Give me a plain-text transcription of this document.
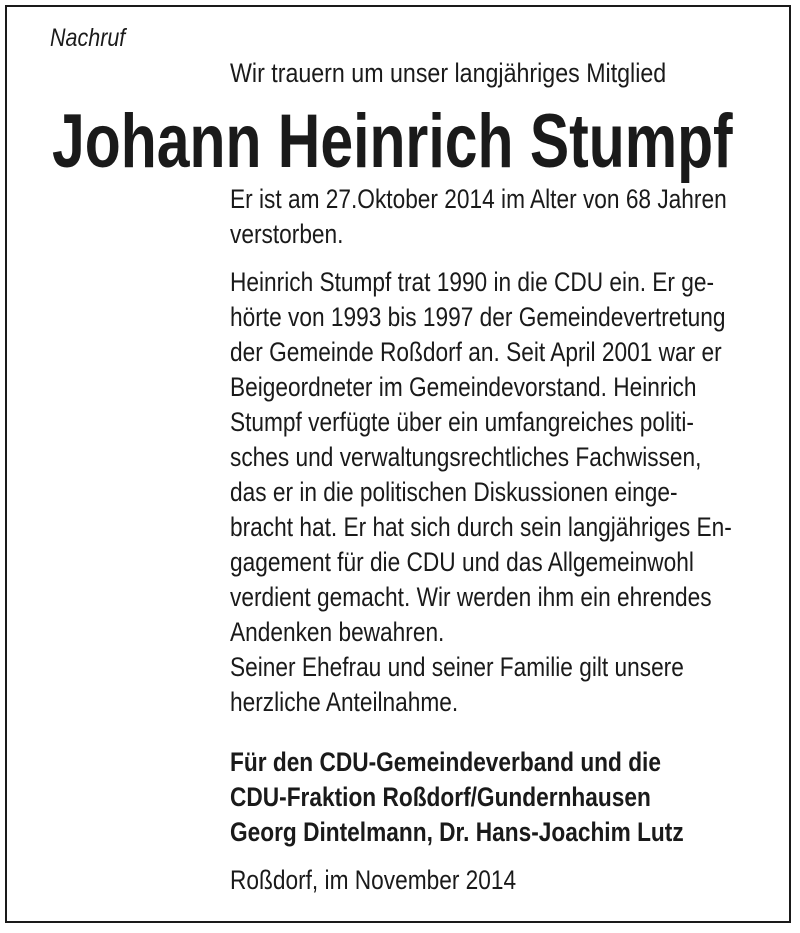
Nachruf
Wir trauern um unser langjähriges Mitglied
Johann Heinrich Stumpf
Er ist am 27.Oktober 2014 im Alter von 68 Jahren
verstorben.
Heinrich Stumpf trat 1990 in die CDU ein. Er ge-
hörte von 1993 bis 1997 der Gemeindevertretung
der Gemeinde Roßdorf an. Seit April 2001 war er
Beigeordneter im Gemeindevorstand. Heinrich
Stumpf verfügte über ein umfangreiches politi-
sches und verwaltungsrechtliches Fachwissen,
das er in die politischen Diskussionen einge-
bracht hat. Er hat sich durch sein langjähriges En-
gagement für die CDU und das Allgemeinwohl
verdient gemacht. Wir werden ihm ein ehrendes
Andenken bewahren.
Seiner Ehefrau und seiner Familie gilt unsere
herzliche Anteilnahme.
Für den CDU-Gemeindeverband und die
CDU-Fraktion Roßdorf/Gundernhausen
Georg Dintelmann, Dr. Hans-Joachim Lutz
Roßdorf, im November 2014
